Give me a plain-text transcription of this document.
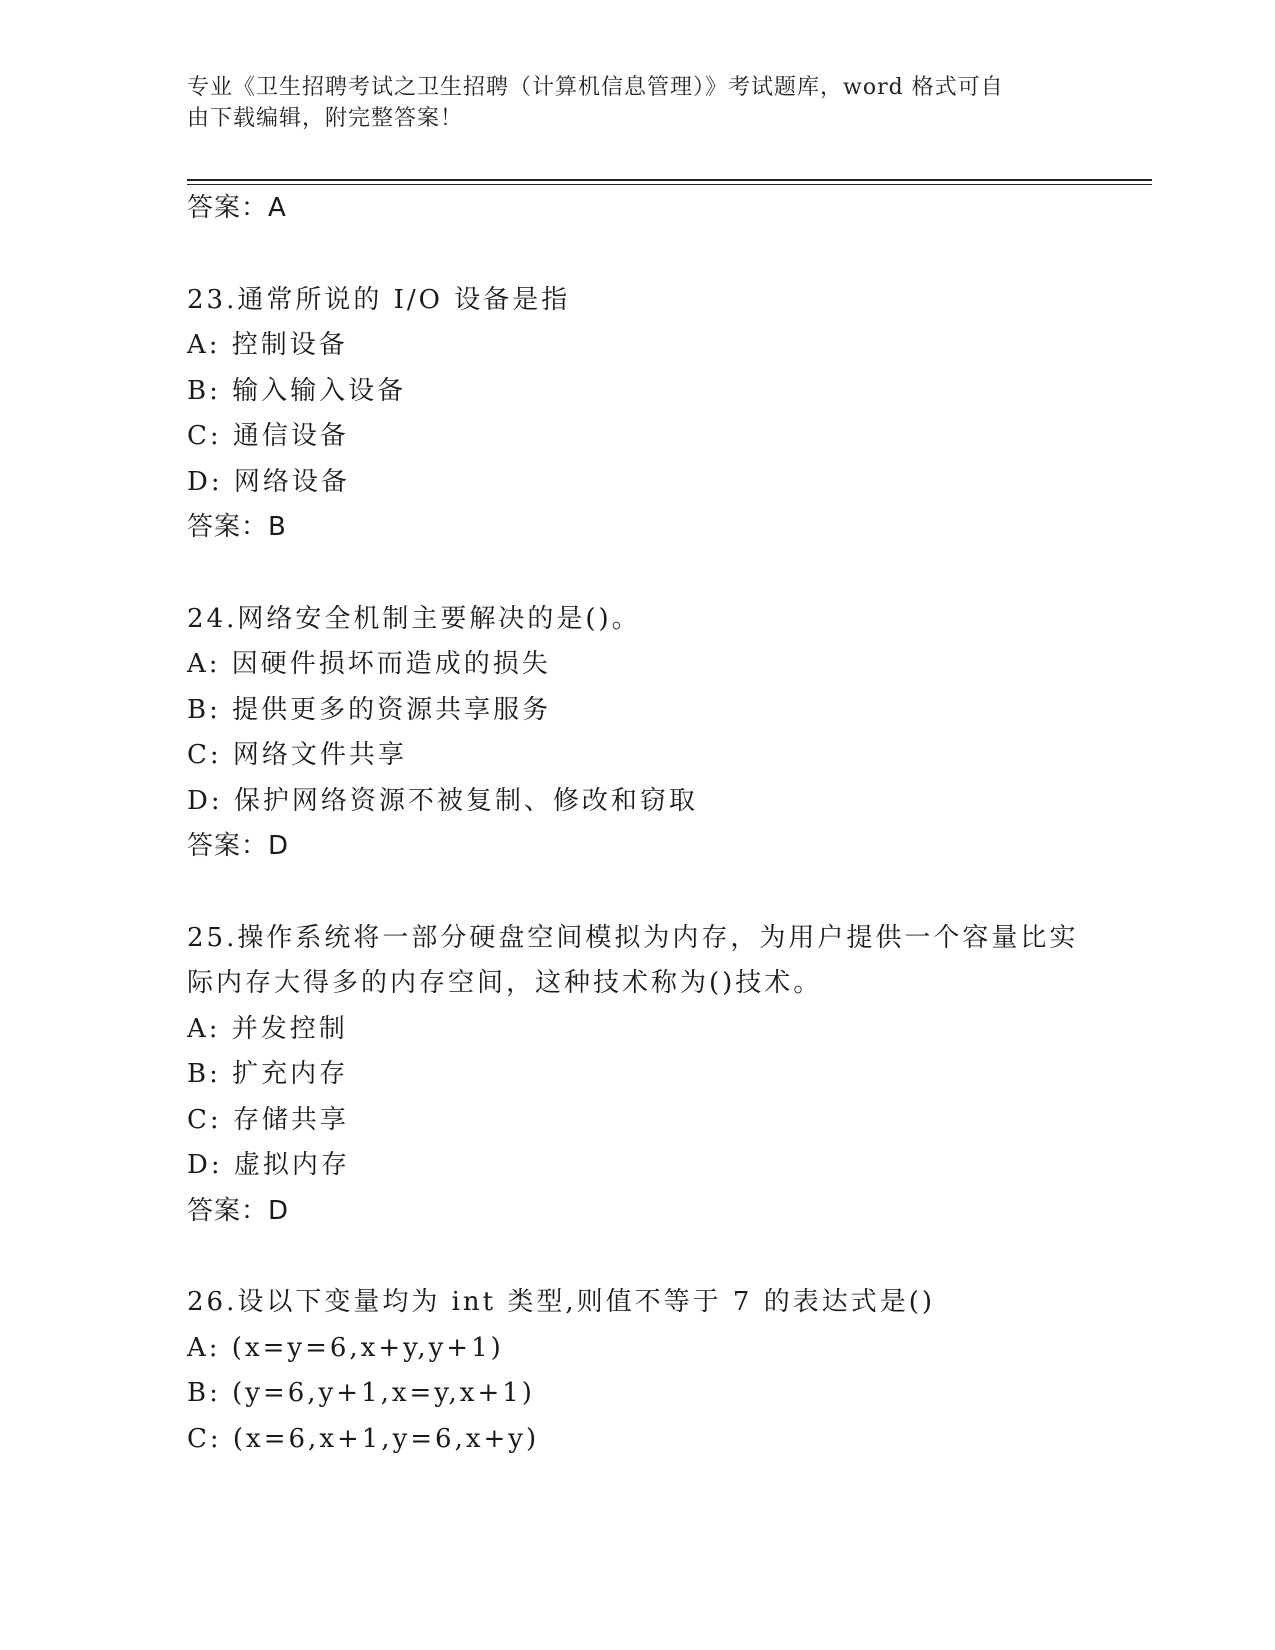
专业《卫生招聘考试之卫生招聘（计算机信息管理）》考试题库，word 格式可自
由下载编辑，附完整答案！
答案：A
23.通常所说的 I/O 设备是指
A: 控制设备
B: 输入输入设备
C: 通信设备
D: 网络设备
答案：B
24.网络安全机制主要解决的是()。
A: 因硬件损坏而造成的损失
B: 提供更多的资源共享服务
C: 网络文件共享
D: 保护网络资源不被复制、修改和窃取
答案：D
25.操作系统将一部分硬盘空间模拟为内存，为用户提供一个容量比实
际内存大得多的内存空间，这种技术称为()技术。
A: 并发控制
B: 扩充内存
C: 存储共享
D: 虚拟内存
答案：D
26.设以下变量均为 int 类型,则值不等于 7 的表达式是()
A: (x=y=6,x+y,y+1)
B: (y=6,y+1,x=y,x+1)
C: (x=6,x+1,y=6,x+y)
